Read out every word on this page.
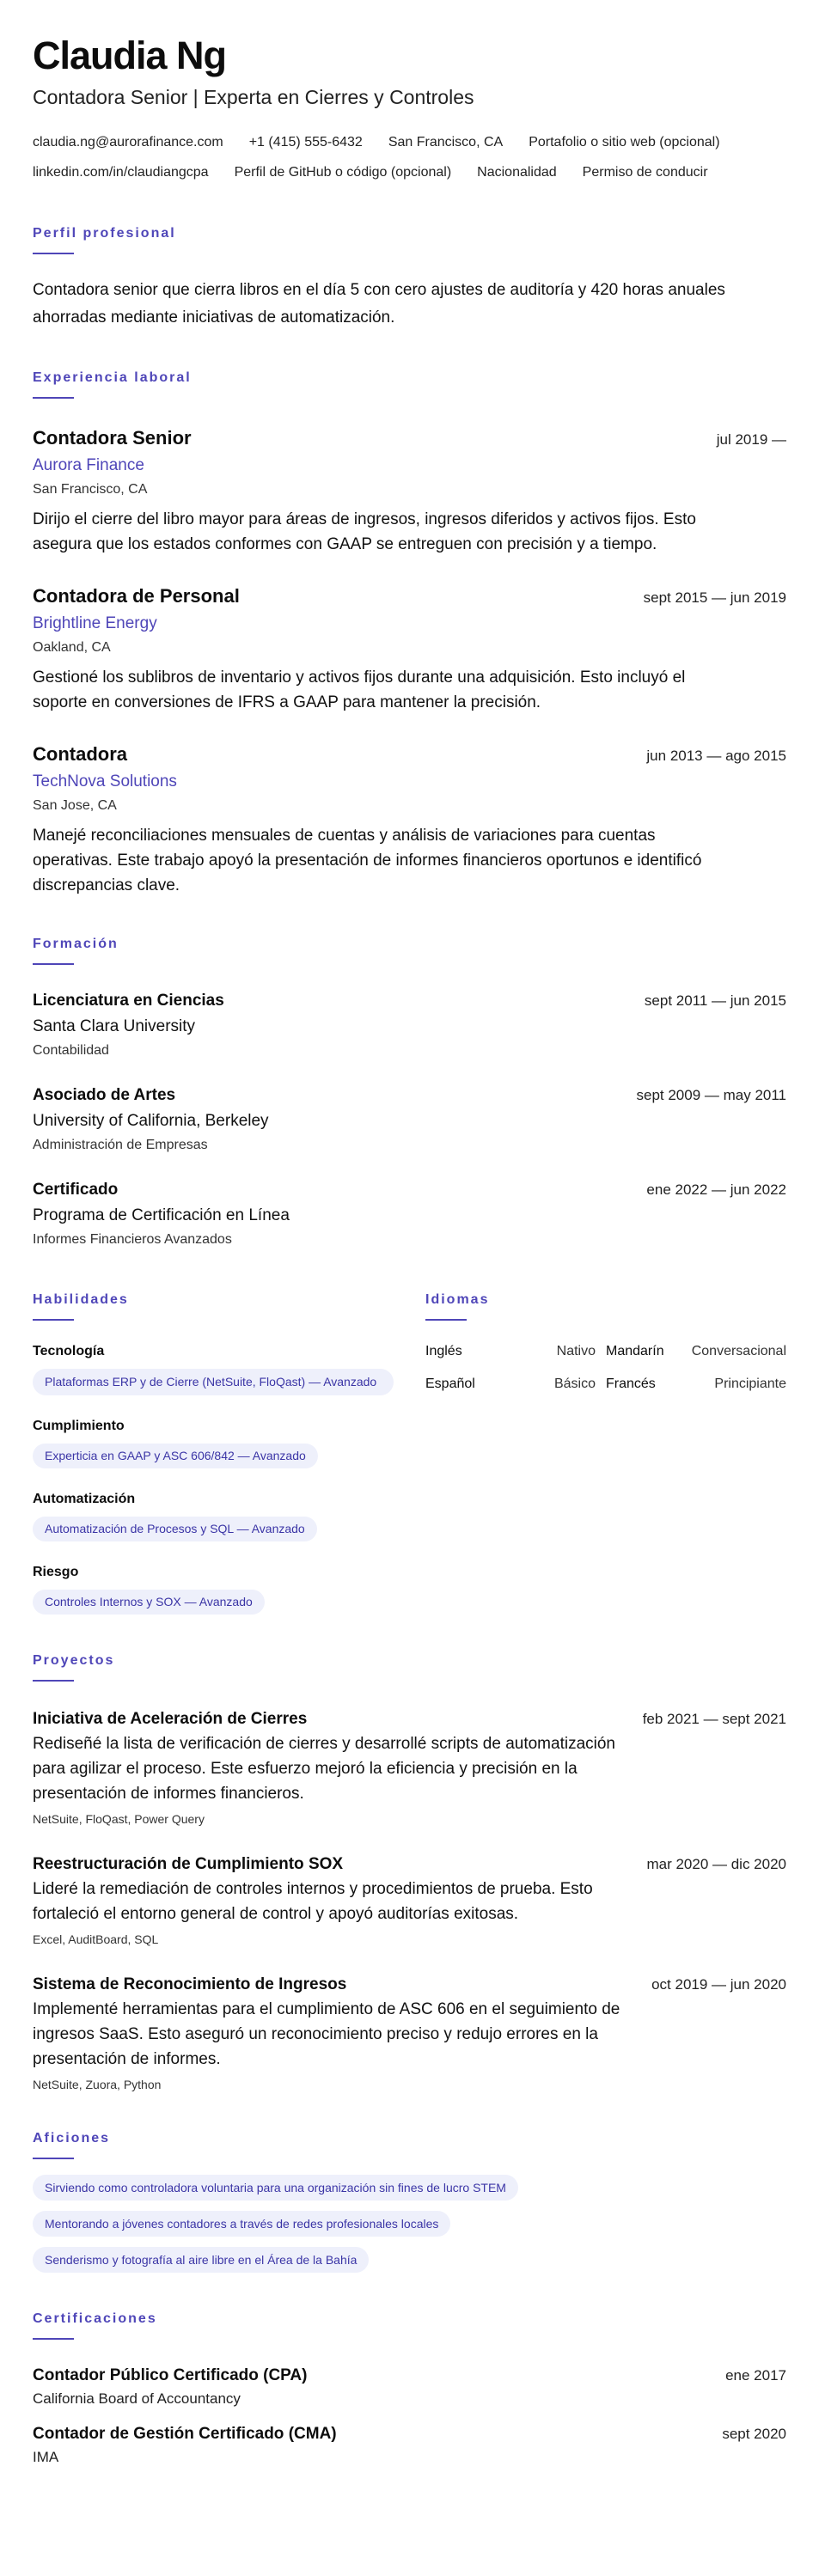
Claudia Ng
Contadora Senior | Experta en Cierres y Controles
claudia.ng@aurorafinance.com +1 (415) 555-6432 San Francisco, CA Portafolio o sitio web (opcional)
linkedin.com/in/claudiangcpa Perfil de GitHub o código (opcional) Nacionalidad Permiso de conducir
Perfil profesional
Contadora senior que cierra libros en el día 5 con cero ajustes de auditoría y 420 horas anuales ahorradas mediante iniciativas de automatización.
Experiencia laboral
Contadora Senior	jul 2019 —
Aurora Finance
San Francisco, CA
Dirijo el cierre del libro mayor para áreas de ingresos, ingresos diferidos y activos fijos. Esto asegura que los estados conformes con GAAP se entreguen con precisión y a tiempo.
Contadora de Personal	sept 2015 — jun 2019
Brightline Energy
Oakland, CA
Gestioné los sublibros de inventario y activos fijos durante una adquisición. Esto incluyó el soporte en conversiones de IFRS a GAAP para mantener la precisión.
Contadora	jun 2013 — ago 2015
TechNova Solutions
San Jose, CA
Manejé reconciliaciones mensuales de cuentas y análisis de variaciones para cuentas operativas. Este trabajo apoyó la presentación de informes financieros oportunos e identificó discrepancias clave.
Formación
Licenciatura en Ciencias	sept 2011 — jun 2015
Santa Clara University
Contabilidad
Asociado de Artes	sept 2009 — may 2011
University of California, Berkeley
Administración de Empresas
Certificado	ene 2022 — jun 2022
Programa de Certificación en Línea
Informes Financieros Avanzados
Habilidades
Tecnología
Plataformas ERP y de Cierre (NetSuite, FloQast) — Avanzado
Cumplimiento
Experticia en GAAP y ASC 606/842 — Avanzado
Automatización
Automatización de Procesos y SQL — Avanzado
Riesgo
Controles Internos y SOX — Avanzado
Idiomas
Inglés	Nativo Mandarín Conversacional
Español	Básico Francés	Principiante
Proyectos
Iniciativa de Aceleración de Cierres	feb 2021 — sept 2021
Rediseñé la lista de verificación de cierres y desarrollé scripts de automatización para agilizar el proceso. Este esfuerzo mejoró la eficiencia y precisión en la presentación de informes financieros.
NetSuite, FloQast, Power Query
Reestructuración de Cumplimiento SOX	mar 2020 — dic 2020
Lideré la remediación de controles internos y procedimientos de prueba. Esto fortaleció el entorno general de control y apoyó auditorías exitosas.
Excel, AuditBoard, SQL
Sistema de Reconocimiento de Ingresos	oct 2019 — jun 2020
Implementé herramientas para el cumplimiento de ASC 606 en el seguimiento de ingresos SaaS. Esto aseguró un reconocimiento preciso y redujo errores en la presentación de informes.
NetSuite, Zuora, Python
Aficiones
Sirviendo como controladora voluntaria para una organización sin fines de lucro STEM
Mentorando a jóvenes contadores a través de redes profesionales locales
Senderismo y fotografía al aire libre en el Área de la Bahía
Certificaciones
Contador Público Certificado (CPA)	ene 2017
California Board of Accountancy
Contador de Gestión Certificado (CMA)	sept 2020
IMA
